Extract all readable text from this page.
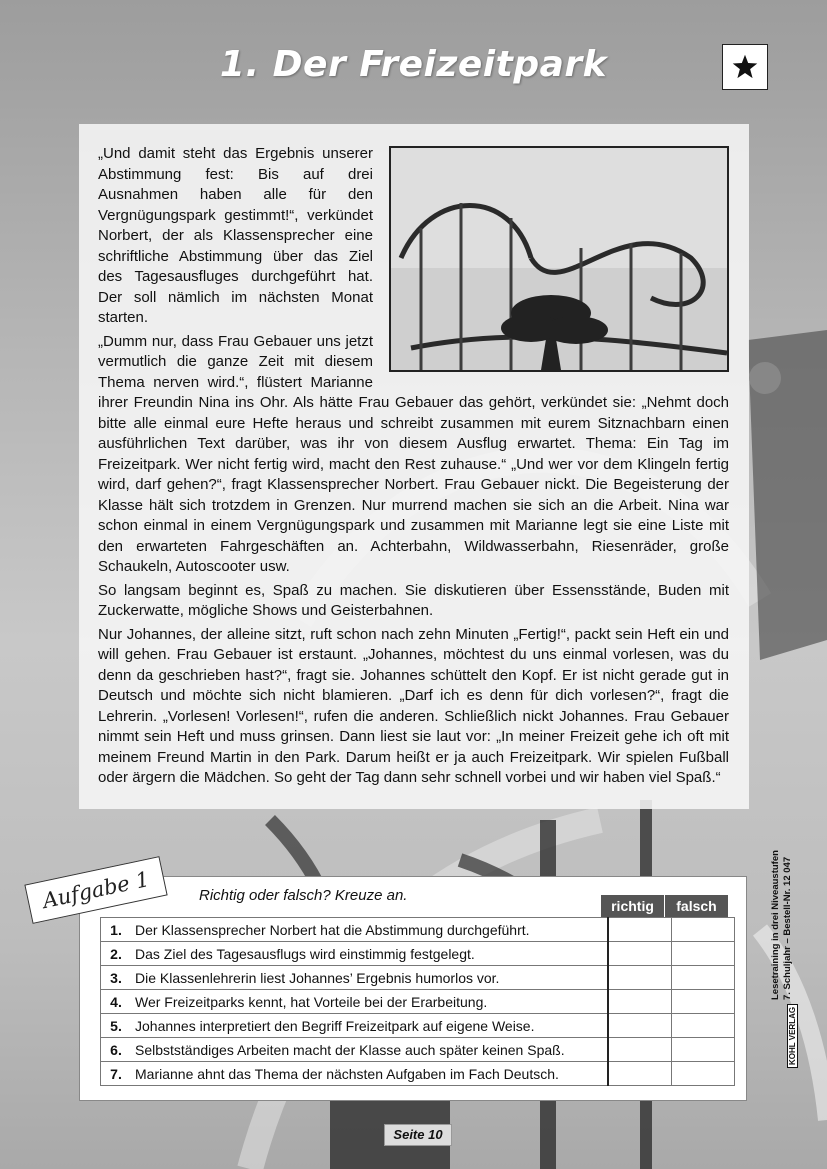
1. Der Freizeitpark

„Und damit steht das Ergebnis unserer Abstimmung fest: Bis auf drei Ausnahmen haben alle für den Vergnügungspark gestimmt!“, verkündet Norbert, der als Klassensprecher eine schriftliche Abstimmung über das Ziel des Tagesausfluges durchgeführt hat. Der soll nämlich im nächsten Monat starten.

„Dumm nur, dass Frau Gebauer uns jetzt vermutlich die ganze Zeit mit diesem Thema nerven wird.“, flüstert Marianne ihrer Freundin Nina ins Ohr. Als hätte Frau Gebauer das gehört, verkündet sie: „Nehmt doch bitte alle einmal eure Hefte heraus und schreibt zusammen mit eurem Sitznachbarn einen ausführlichen Text darüber, was ihr von diesem Ausflug erwartet. Thema: Ein Tag im Freizeitpark. Wer nicht fertig wird, macht den Rest zuhause.“ „Und wer vor dem Klingeln fertig wird, darf gehen?“, fragt Klassensprecher Norbert. Frau Gebauer nickt. Die Begeisterung der Klasse hält sich trotzdem in Grenzen. Nur murrend machen sie sich an die Arbeit. Nina war schon einmal in einem Vergnügungspark und zusammen mit Marianne legt sie eine Liste mit den erwarteten Fahrgeschäften an. Achterbahn, Wildwasserbahn, Riesenräder, große Schaukeln, Autoscooter usw.

So langsam beginnt es, Spaß zu machen. Sie diskutieren über Essensstände, Buden mit Zuckerwatte, mögliche Shows und Geisterbahnen.

Nur Johannes, der alleine sitzt, ruft schon nach zehn Minuten „Fertig!“, packt sein Heft ein und will gehen. Frau Gebauer ist erstaunt. „Johannes, möchtest du uns einmal vorlesen, was du denn da geschrieben hast?“, fragt sie. Johannes schüttelt den Kopf. Er ist nicht gerade gut in Deutsch und möchte sich nicht blamieren. „Darf ich es denn für dich vorlesen?“, fragt die Lehrerin. „Vorlesen! Vorlesen!“, rufen die anderen. Schließlich nickt Johannes. Frau Gebauer nimmt sein Heft und muss grinsen. Dann liest sie laut vor: „In meiner Freizeit gehe ich oft mit meinem Freund Martin in den Park. Darum heißt er ja auch Freizeitpark. Wir spielen Fußball oder ärgern die Mädchen. So geht der Tag dann sehr schnell vorbei und wir haben viel Spaß.“

Aufgabe 1	Richtig oder falsch? Kreuze an.
richtig	falsch
1.	Der Klassensprecher Norbert hat die Abstimmung durchgeführt.		
2.	Das Ziel des Tagesausflugs wird einstimmig festgelegt.		
3.	Die Klassenlehrerin liest Johannes’ Ergebnis humorlos vor.		
4.	Wer Freizeitparks kennt, hat Vorteile bei der Erarbeitung.		
5.	Johannes interpretiert den Begriff Freizeitpark auf eigene Weise.		
6.	Selbstständiges Arbeiten macht der Klasse auch später keinen Spaß.		
7.	Marianne ahnt das Thema der nächsten Aufgaben im Fach Deutsch.		
Lesetraining in drei Niveaustufen 7. Schuljahr – Bestell-Nr. 12 047
KOHL VERLAG
Seite 10
